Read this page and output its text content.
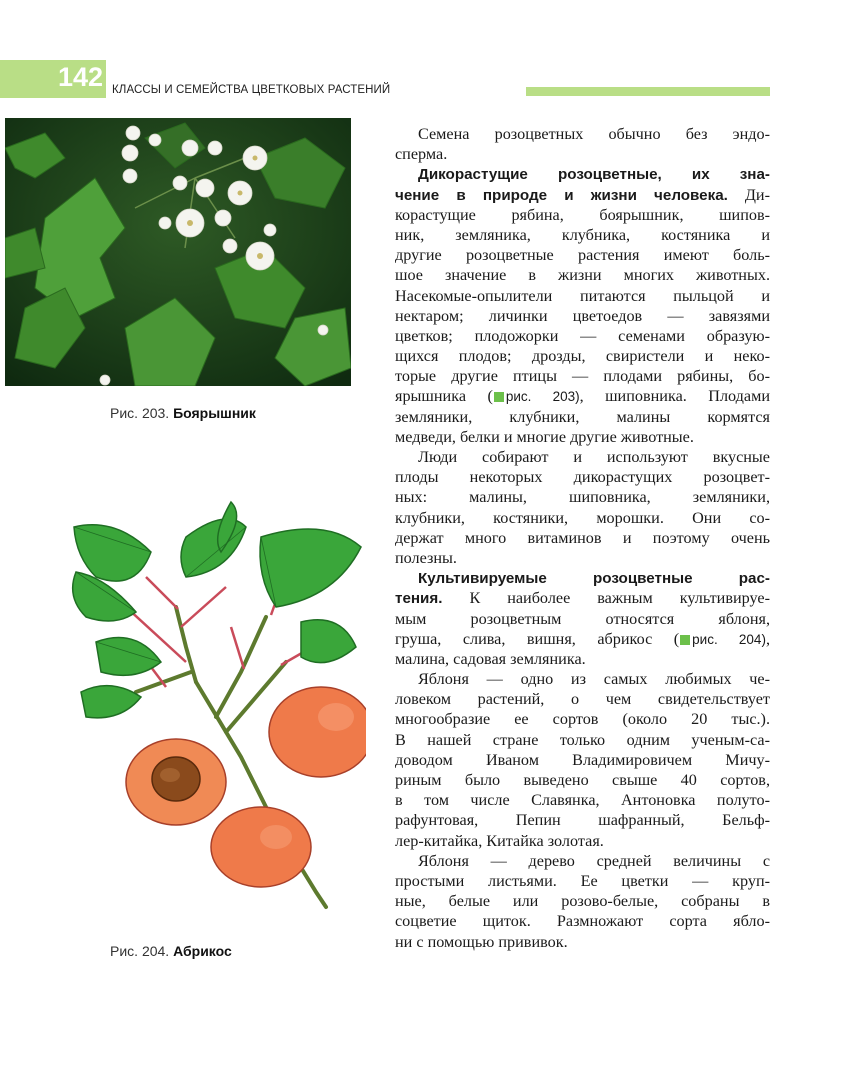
142 КЛАССЫ И СЕМЕЙСТВА ЦВЕТКОВЫХ РАСТЕНИЙ
Рис. 203. Боярышник
Рис. 204. Абрикос
Семена розоцветных обычно без эндо-
сперма.
Дикорастущие розоцветные, их зна-
чение в природе и жизни человека. Ди-
корастущие рябина, боярышник, шипов-
ник, земляника, клубника, костяника и
другие розоцветные растения имеют боль-
шое значение в жизни многих животных.
Насекомые-опылители питаются пыльцой и
нектаром; личинки цветоедов — завязями
цветков; плодожорки — семенами образую-
щихся плодов; дрозды, свиристели и неко-
торые другие птицы — плодами рябины, бо-
ярышника ( рис. 203), шиповника. Плодами
земляники, клубники, малины кормятся
медведи, белки и многие другие животные.
Люди собирают и используют вкусные
плоды некоторых дикорастущих розоцвет-
ных: малины, шиповника, земляники,
клубники, костяники, морошки. Они со-
держат много витаминов и поэтому очень
полезны.
Культивируемые розоцветные рас-
тения. К наиболее важным культивируе-
мым розоцветным относятся яблоня,
груша, слива, вишня, абрикос ( рис. 204),
малина, садовая земляника.
Яблоня — одно из самых любимых че-
ловеком растений, о чем свидетельствует
многообразие ее сортов (около 20 тыс.).
В нашей стране только одним ученым-са-
доводом Иваном Владимировичем Мичу-
риным было выведено свыше 40 сортов,
в том числе Славянка, Антоновка полуто-
рафунтовая, Пепин шафранный, Бельф-
лер-китайка, Китайка золотая.
Яблоня — дерево средней величины с
простыми листьями. Ее цветки — круп-
ные, белые или розово-белые, собраны в
соцветие щиток. Размножают сорта ябло-
ни с помощью прививок.
